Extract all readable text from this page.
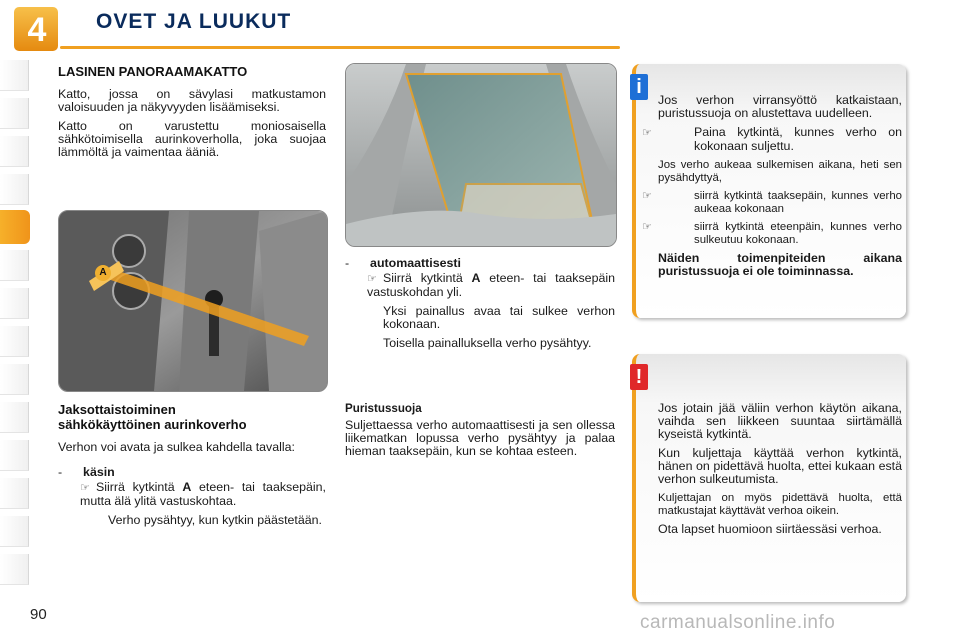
4	OVET JA LUUKUT
LASINEN PANORAAMAKATTO

Katto, jossa on sävylasi matkustamon valoisuuden ja näkyvyyden lisäämiseksi.

Katto on varustettu moniosaisella sähkötoimisella aurinkoverholla, joka suojaa lämmöltä ja vaimentaa ääniä.

A
Jaksottaistoiminen
sähkökäyttöinen aurinkoverho

Verhon voi avata ja sulkea kahdella tavalla:

- käsin

☞ Siirrä kytkintä A eteen- tai taaksepäin, mutta älä ylitä vastuskohtaa.

Verho pysähtyy, kun kytkin päästetään.

- automaattisesti

☞ Siirrä kytkintä A eteen- tai taaksepäin vastuskohdan yli.

Yksi painallus avaa tai sulkee verhon kokonaan.

Toisella painalluksella verho pysähtyy.

Puristussuoja

Suljettaessa verho automaattisesti ja sen ollessa liikematkan lopussa verho pysähtyy ja palaa hieman taaksepäin, kun se kohtaa esteen.

Jos verhon virransyöttö katkaistaan, puristussuoja on alustettava uudelleen.

☞	Paina kytkintä, kunnes verho on kokonaan suljettu.

Jos verho aukeaa sulkemisen aikana, heti sen pysähdyttyä,

☞	siirrä kytkintä taaksepäin, kunnes verho aukeaa kokonaan

☞	siirrä kytkintä eteenpäin, kunnes verho sulkeutuu kokonaan.

Näiden toimenpiteiden aikana puristussuoja ei ole toiminnassa.

i

Jos jotain jää väliin verhon käytön aikana, vaihda sen liikkeen suuntaa siirtämällä kyseistä kytkintä.

Kun kuljettaja käyttää verhon kytkintä, hänen on pidettävä huolta, ettei kukaan estä verhon sulkeutumista.

Kuljettajan on myös pidettävä huolta, että matkustajat käyttävät verhoa oikein.

Ota lapset huomioon siirtäessäsi verhoa.

!
90	carmanualsonline.info
